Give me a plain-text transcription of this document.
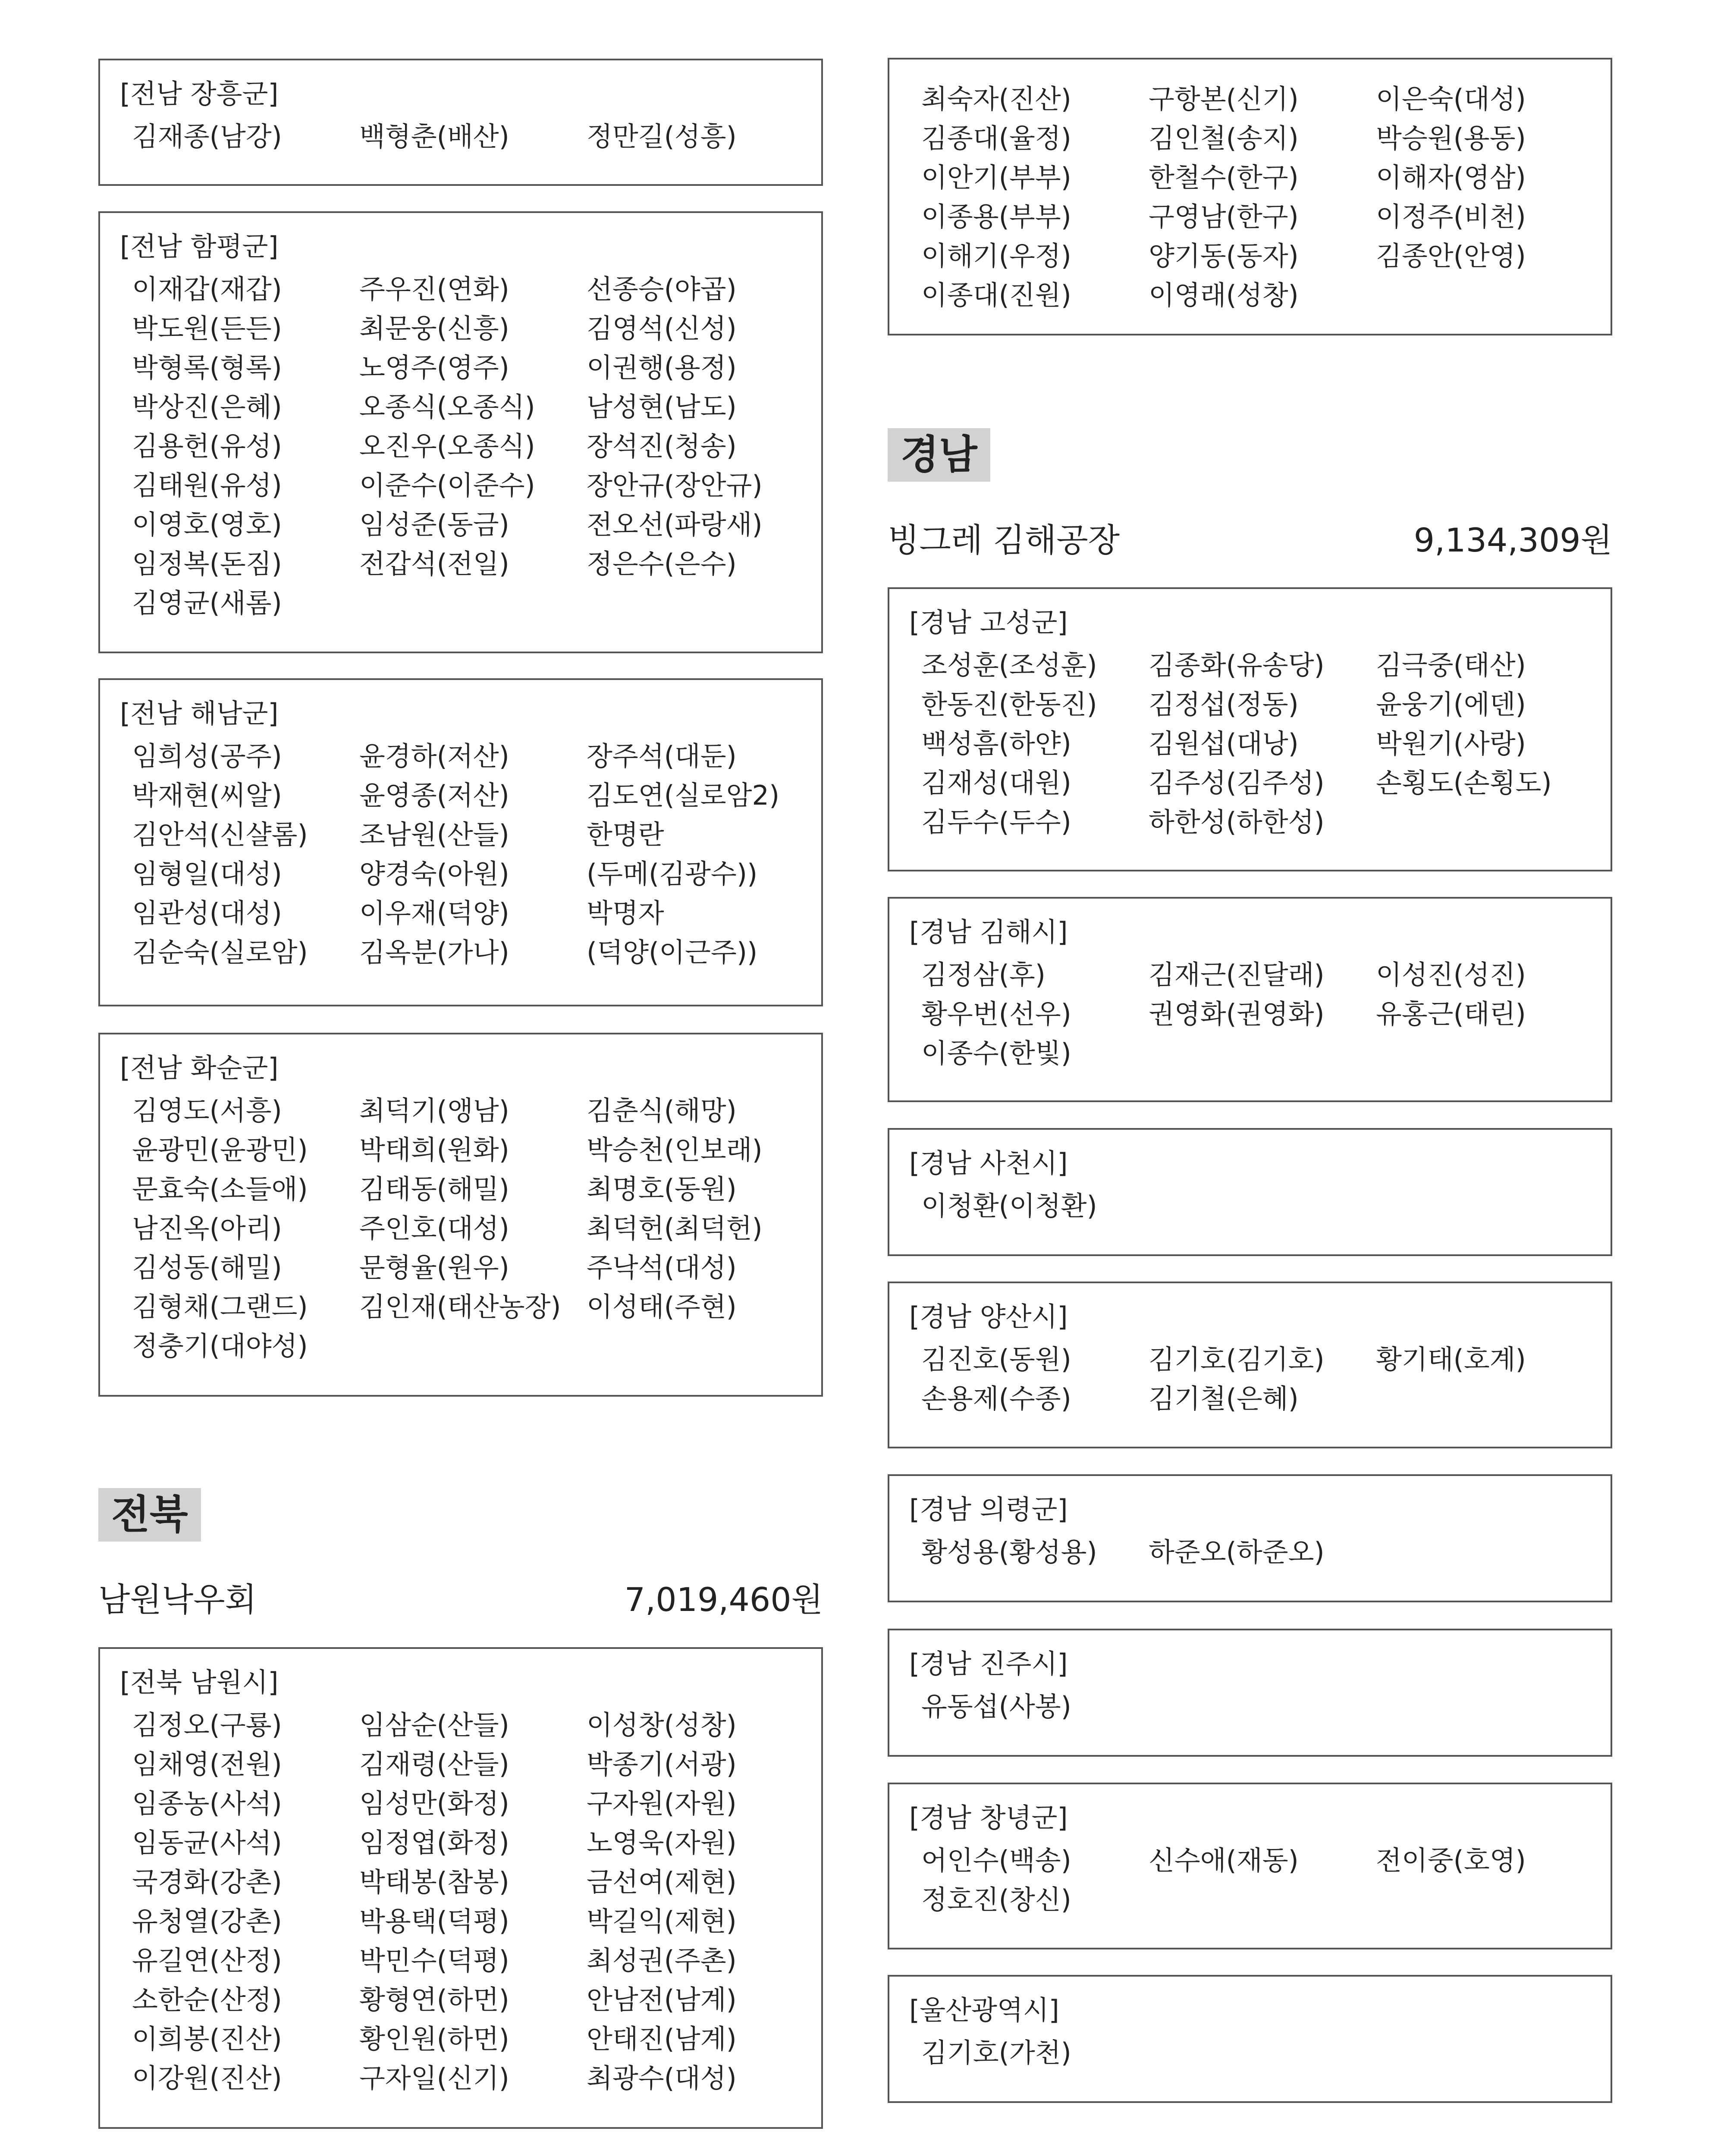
[전남 장흥군]
김재종(남강)	백형춘(배산)	정만길(성흥)
[전남 함평군]
이재갑(재갑)	주우진(연화)	선종승(야곱)
박도원(든든)	최문웅(신흥)	김영석(신성)
박형록(형록)	노영주(영주)	이권행(용정)
박상진(은혜)	오종식(오종식)	남성현(남도)
김용헌(유성)	오진우(오종식)	장석진(청송)
김태원(유성)	이준수(이준수)	장안규(장안규)
이영호(영호)	임성준(동금)	전오선(파랑새)
임정복(돈짐)	전갑석(전일)	정은수(은수)
김영균(새롬)
[전남 해남군]
임희성(공주)	윤경하(저산)	장주석(대둔)
박재현(씨알)	윤영종(저산)	김도연(실로암2)
김안석(신샬롬)	조남원(산들)	한명란
임형일(대성)	양경숙(아원)	(두메(김광수))
임관성(대성)	이우재(덕양)	박명자
김순숙(실로암)	김옥분(가나)	(덕양(이근주))
[전남 화순군]
김영도(서흥)	최덕기(앵남)	김춘식(해망)
윤광민(윤광민)	박태희(원화)	박승천(인보래)
문효숙(소들애)	김태동(해밀)	최명호(동원)
남진옥(아리)	주인호(대성)	최덕헌(최덕헌)
김성동(해밀)	문형율(원우)	주낙석(대성)
김형채(그랜드)	김인재(태산농장) 이성태(주현)
정충기(대야성)
전북
남원낙우회	7,019,460원
[전북 남원시]
김정오(구룡)	임삼순(산들)	이성창(성창)
임채영(전원)	김재령(산들)	박종기(서광)
임종농(사석)	임성만(화정)	구자원(자원)
임동균(사석)	임정엽(화정)	노영욱(자원)
국경화(강촌)	박태봉(참봉)	금선여(제현)
유청열(강촌)	박용택(덕평)	박길익(제현)
유길연(산정)	박민수(덕평)	최성권(주촌)
소한순(산정)	황형연(하먼)	안남전(남계)
이희봉(진산)	황인원(하먼)	안태진(남계)
이강원(진산)	구자일(신기)	최광수(대성)
최숙자(진산)	구항본(신기)	이은숙(대성)
김종대(율정)	김인철(송지)	박승원(용동)
이안기(부부)	한철수(한구)	이해자(영삼)
이종용(부부)	구영남(한구)	이정주(비천)
이해기(우정)	양기동(동자)	김종안(안영)
이종대(진원)	이영래(성창)
경남
빙그레 김해공장	9,134,309원
[경남 고성군]
조성훈(조성훈)	김종화(유송당)	김극중(태산)
한동진(한동진)	김정섭(정동)	윤웅기(에덴)
백성흠(하얀)	김원섭(대낭)	박원기(사랑)
김재성(대원)	김주성(김주성)	손횡도(손횡도)
김두수(두수)	하한성(하한성)
[경남 김해시]
김정삼(후)	김재근(진달래)	이성진(성진)
황우번(선우)	권영화(권영화)	유홍근(태린)
이종수(한빛)
[경남 사천시]
이청환(이청환)
[경남 양산시]
김진호(동원)	김기호(김기호)	황기태(호계)
손용제(수종)	김기철(은혜)
[경남 의령군]
황성용(황성용)	하준오(하준오)
[경남 진주시]
유동섭(사봉)
[경남 창녕군]
어인수(백송)	신수애(재동)	전이중(호영)
정호진(창신)
[울산광역시]
김기호(가천)
